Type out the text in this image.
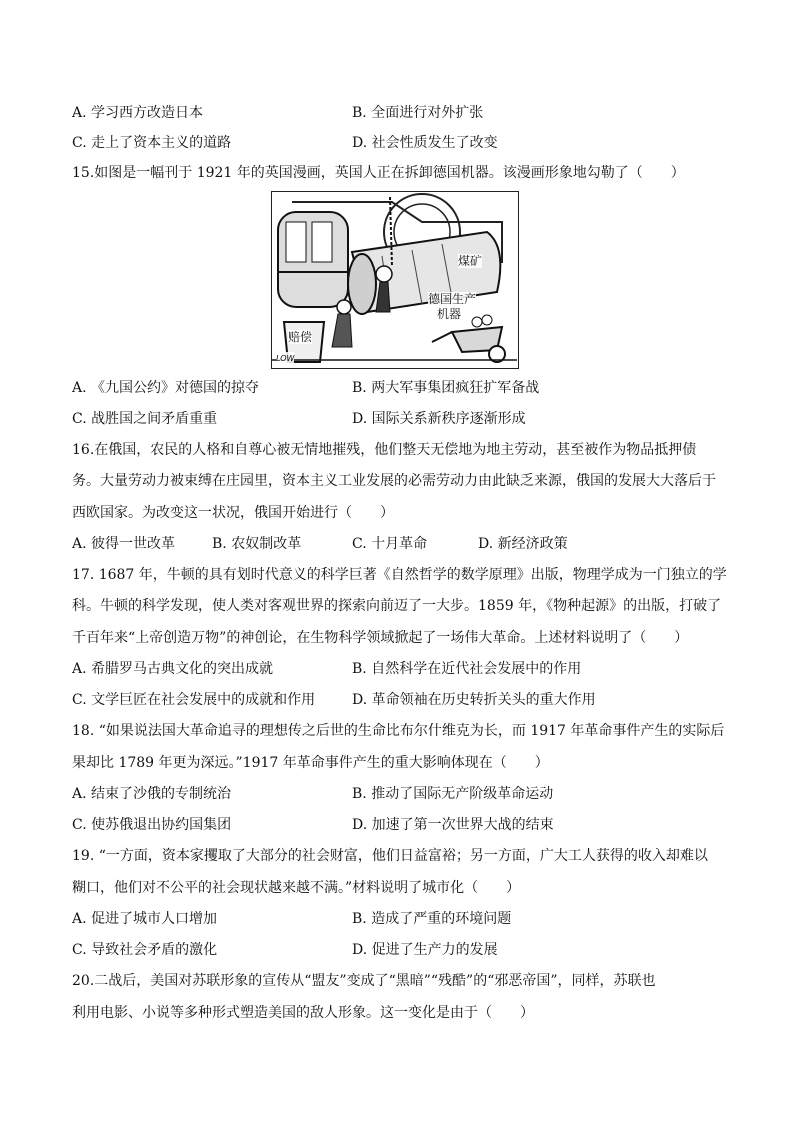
A. 学习西方改造日本	B. 全面进行对外扩张
C. 走上了资本主义的道路	D. 社会性质发生了改变
15.如图是一幅刊于 1921 年的英国漫画，英国人正在拆卸德国机器。该漫画形象地勾勒了（　　）
煤矿
德国生产
机器
赔偿
LOW
A. 《九国公约》对德国的掠夺	B. 两大军事集团疯狂扩军备战
C. 战胜国之间矛盾重重	D. 国际关系新秩序逐渐形成
16.在俄国，农民的人格和自尊心被无情地摧残，他们整天无偿地为地主劳动，甚至被作为物品抵押债
务。大量劳动力被束缚在庄园里，资本主义工业发展的必需劳动力由此缺乏来源，俄国的发展大大落后于
西欧国家。为改变这一状况，俄国开始进行（　　）
A. 彼得一世改革	B. 农奴制改革	C. 十月革命	D. 新经济政策
17. 1687 年，牛顿的具有划时代意义的科学巨著《自然哲学的数学原理》出版，物理学成为一门独立的学
科。牛顿的科学发现，使人类对客观世界的探索向前迈了一大步。1859 年，《物种起源》的出版，打破了
千百年来“上帝创造万物”的神创论，在生物科学领域掀起了一场伟大革命。上述材料说明了（　　）
A. 希腊罗马古典文化的突出成就	B. 自然科学在近代社会发展中的作用
C. 文学巨匠在社会发展中的成就和作用	D. 革命领袖在历史转折关头的重大作用
18. “如果说法国大革命追寻的理想传之后世的生命比布尔什维克为长，而 1917 年革命事件产生的实际后
果却比 1789 年更为深远。”1917 年革命事件产生的重大影响体现在（　　）
A. 结束了沙俄的专制统治	B. 推动了国际无产阶级革命运动
C. 使苏俄退出协约国集团	D. 加速了第一次世界大战的结束
19. “一方面，资本家攫取了大部分的社会财富，他们日益富裕；另一方面，广大工人获得的收入却难以
糊口，他们对不公平的社会现状越来越不满。”材料说明了城市化（　　）
A. 促进了城市人口增加	B. 造成了严重的环境问题
C. 导致社会矛盾的激化	D. 促进了生产力的发展
20.二战后，美国对苏联形象的宣传从“盟友”变成了“黑暗”“残酷”的“邪恶帝国”，同样，苏联也
利用电影、小说等多种形式塑造美国的敌人形象。这一变化是由于（　　）
